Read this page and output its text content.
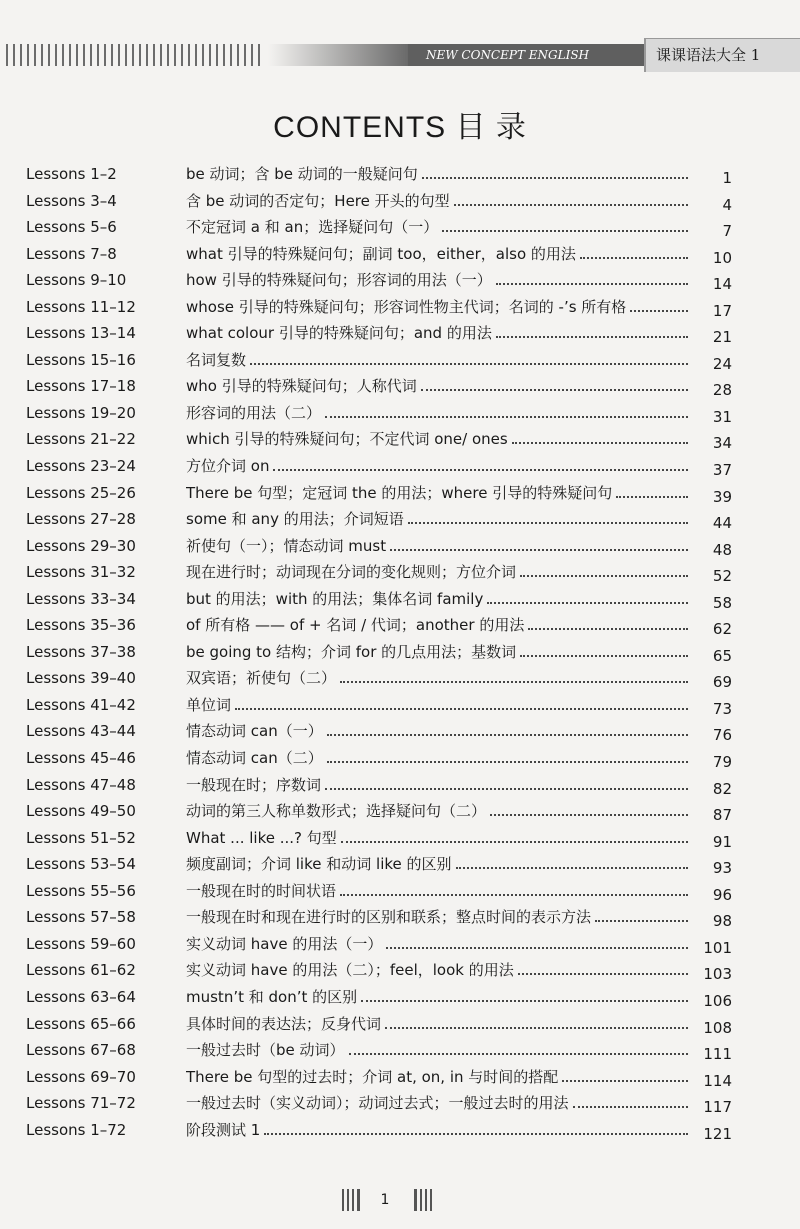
NEW CONCEPT ENGLISH	课课语法大全 1
CONTENTS 目 录
Lessons 1–2	be 动词；含 be 动词的一般疑问句	1
Lessons 3–4	含 be 动词的否定句；Here 开头的句型	4
Lessons 5–6	不定冠词 a 和 an；选择疑问句（一）	7
Lessons 7–8	what 引导的特殊疑问句；副词 too，either，also 的用法	10
Lessons 9–10	how 引导的特殊疑问句；形容词的用法（一）	14
Lessons 11–12	whose 引导的特殊疑问句；形容词性物主代词；名词的 -’s 所有格	17
Lessons 13–14	what colour 引导的特殊疑问句；and 的用法	21
Lessons 15–16	名词复数	24
Lessons 17–18	who 引导的特殊疑问句；人称代词	28
Lessons 19–20	形容词的用法（二）	31
Lessons 21–22	which 引导的特殊疑问句；不定代词 one/ ones	34
Lessons 23–24	方位介词 on	37
Lessons 25–26	There be 句型；定冠词 the 的用法；where 引导的特殊疑问句	39
Lessons 27–28	some 和 any 的用法；介词短语	44
Lessons 29–30	祈使句（一）；情态动词 must	48
Lessons 31–32	现在进行时；动词现在分词的变化规则；方位介词	52
Lessons 33–34	but 的用法；with 的用法；集体名词 family	58
Lessons 35–36	of 所有格 —— of + 名词 / 代词；another 的用法	62
Lessons 37–38	be going to 结构；介词 for 的几点用法；基数词	65
Lessons 39–40	双宾语；祈使句（二）	69
Lessons 41–42	单位词	73
Lessons 43–44	情态动词 can（一）	76
Lessons 45–46	情态动词 can（二）	79
Lessons 47–48	一般现在时；序数词	82
Lessons 49–50	动词的第三人称单数形式；选择疑问句（二）	87
Lessons 51–52	What ... like ...? 句型	91
Lessons 53–54	频度副词；介词 like 和动词 like 的区别	93
Lessons 55–56	一般现在时的时间状语	96
Lessons 57–58	一般现在时和现在进行时的区别和联系；整点时间的表示方法	98
Lessons 59–60	实义动词 have 的用法（一）	101
Lessons 61–62	实义动词 have 的用法（二）；feel，look 的用法	103
Lessons 63–64	mustn’t 和 don’t 的区别	106
Lessons 65–66	具体时间的表达法；反身代词	108
Lessons 67–68	一般过去时（be 动词）	111
Lessons 69–70	There be 句型的过去时；介词 at, on, in 与时间的搭配	114
Lessons 71–72	一般过去时（实义动词）；动词过去式；一般过去时的用法	117
Lessons 1–72	阶段测试 1	121
1
